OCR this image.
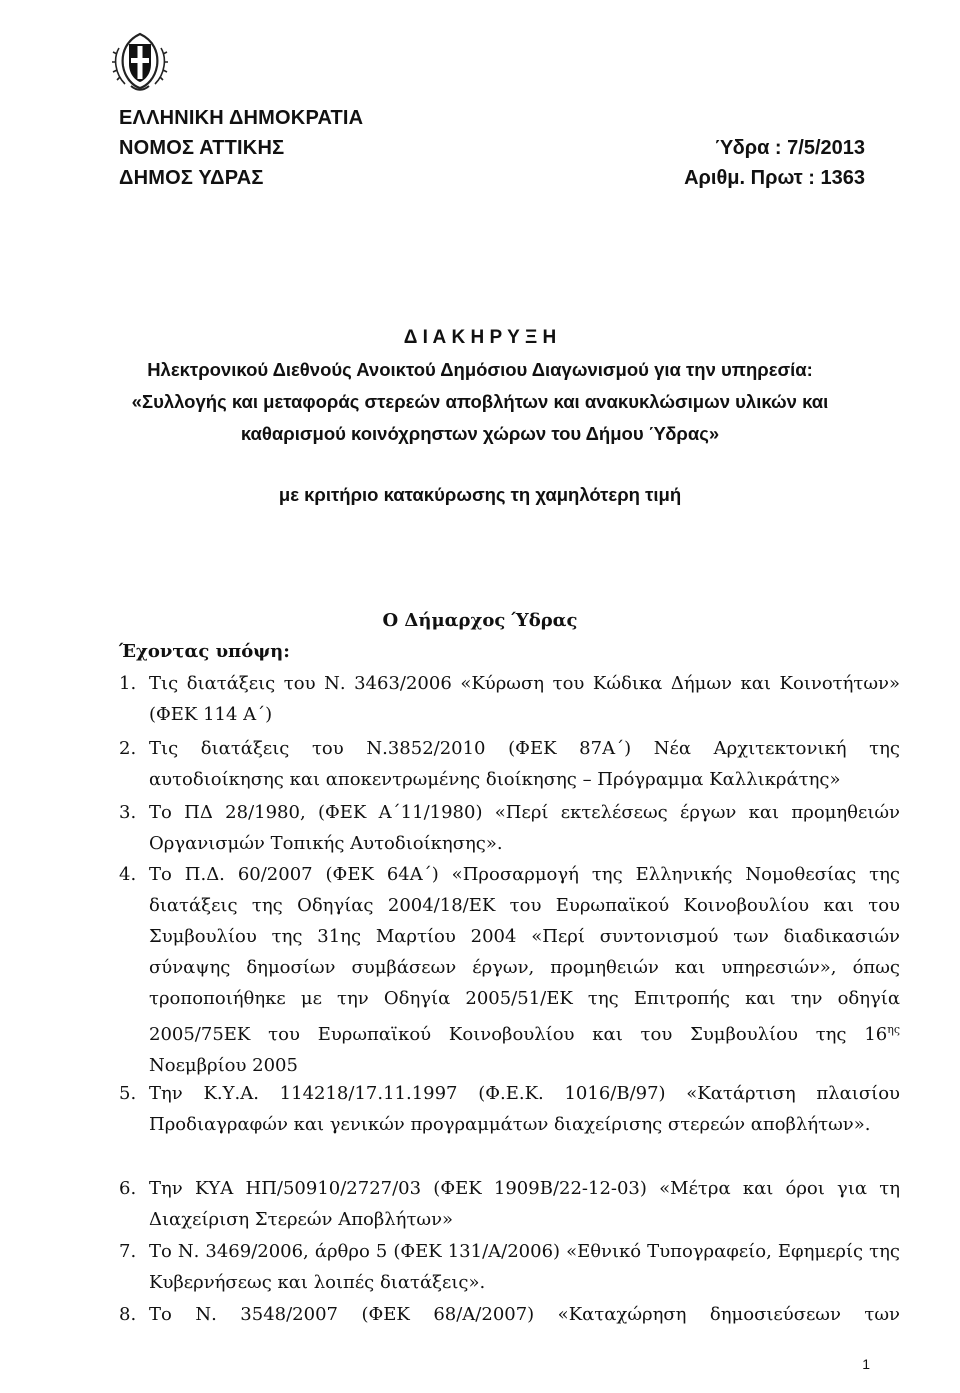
ΕΛΛΗΝΙΚΗ ΔΗΜΟΚΡΑΤΙΑ
ΝΟΜΟΣ ΑΤΤΙΚΗΣ
ΔΗΜΟΣ ΥΔΡΑΣ
Ύδρα : 7/5/2013
Αριθμ. Πρωτ : 1363
Δ Ι Α Κ Η Ρ Υ Ξ Η
Ηλεκτρονικού Διεθνούς Ανοικτού Δημόσιου Διαγωνισμού για την υπηρεσία:
«Συλλογής και μεταφοράς στερεών αποβλήτων και ανακυκλώσιμων υλικών και
καθαρισμού κοινόχρηστων χώρων του Δήμου Ύδρας»
με κριτήριο κατακύρωσης τη χαμηλότερη τιμή
Ο Δήμαρχος Ύδρας
Έχοντας υπόψη:
1. Τις διατάξεις του Ν. 3463/2006 «Κύρωση του Κώδικα Δήμων και Κοινοτήτων» (ΦΕΚ 114 Α΄)
2. Τις διατάξεις του Ν.3852/2010 (ΦΕΚ 87Α΄) Νέα Αρχιτεκτονική της αυτοδιοίκησης και αποκεντρωμένης διοίκησης – Πρόγραμμα Καλλικράτης»
3. Το ΠΔ 28/1980, (ΦΕΚ Α΄11/1980) «Περί εκτελέσεως έργων και προμηθειών Οργανισμών Τοπικής Αυτοδιοίκησης».
4. Το Π.Δ. 60/2007 (ΦΕΚ 64Α΄) «Προσαρμογή της Ελληνικής Νομοθεσίας της διατάξεις της Οδηγίας 2004/18/ΕΚ του Ευρωπαϊκού Κοινοβουλίου και του Συμβουλίου της 31ης Μαρτίου 2004 «Περί συντονισμού των διαδικασιών σύναψης δημοσίων συμβάσεων έργων, προμηθειών και υπηρεσιών», όπως τροποποιήθηκε με την Οδηγία 2005/51/ΕΚ της Επιτροπής και την οδηγία 2005/75ΕΚ του Ευρωπαϊκού Κοινοβουλίου και του Συμβουλίου της $16^{\eta\varsigma}$ Νοεμβρίου 2005
5. Την Κ.Υ.Α. 114218/17.11.1997 (Φ.Ε.Κ. 1016/Β/97) «Κατάρτιση πλαισίου Προδιαγραφών και γενικών προγραμμάτων διαχείρισης στερεών αποβλήτων».
6. Την ΚΥΑ ΗΠ/50910/2727/03 (ΦΕΚ 1909Β/22-12-03) «Μέτρα και όροι για τη Διαχείριση Στερεών Αποβλήτων»
7. Το Ν. 3469/2006, άρθρο 5 (ΦΕΚ 131/Α/2006) «Εθνικό Τυπογραφείο, Εφημερίς της Κυβερνήσεως και λοιπές διατάξεις».
8. Το Ν. 3548/2007 (ΦΕΚ 68/Α/2007) «Καταχώρηση δημοσιεύσεων των
1
